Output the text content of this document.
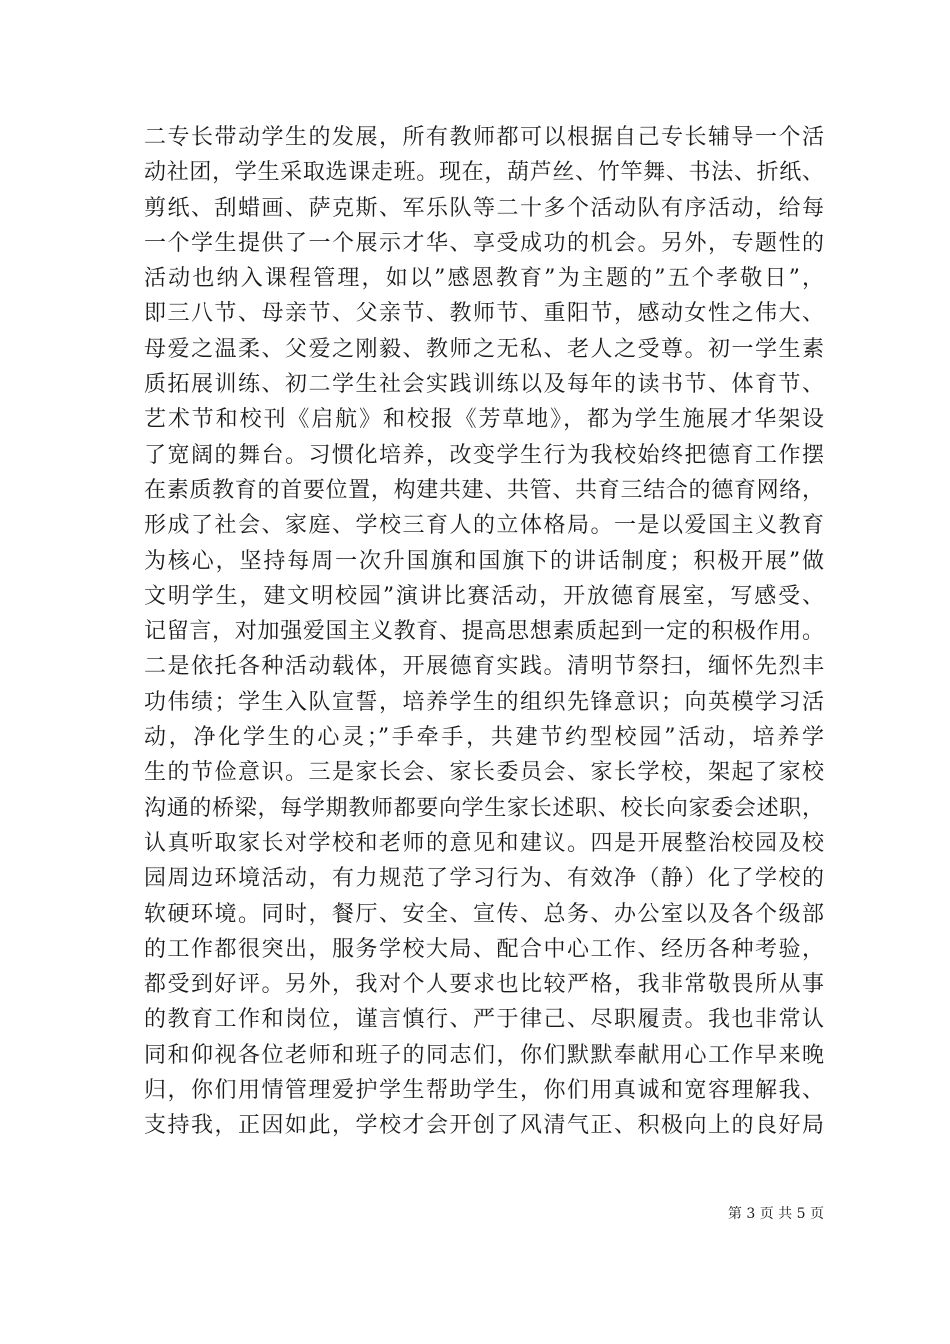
二专长带动学生的发展，所有教师都可以根据自己专长辅导一个活
动社团，学生采取选课走班。现在，葫芦丝、竹竿舞、书法、折纸、
剪纸、刮蜡画、萨克斯、军乐队等二十多个活动队有序活动，给每
一个学生提供了一个展示才华、享受成功的机会。另外，专题性的
活动也纳入课程管理，如以”感恩教育”为主题的”五个孝敬日”，
即三八节、母亲节、父亲节、教师节、重阳节，感动女性之伟大、
母爱之温柔、父爱之刚毅、教师之无私、老人之受尊。初一学生素
质拓展训练、初二学生社会实践训练以及每年的读书节、体育节、
艺术节和校刊《启航》和校报《芳草地》，都为学生施展才华架设
了宽阔的舞台。习惯化培养，改变学生行为我校始终把德育工作摆
在素质教育的首要位置，构建共建、共管、共育三结合的德育网络，
形成了社会、家庭、学校三育人的立体格局。一是以爱国主义教育
为核心，坚持每周一次升国旗和国旗下的讲话制度；积极开展”做
文明学生，建文明校园”演讲比赛活动，开放德育展室，写感受、
记留言，对加强爱国主义教育、提高思想素质起到一定的积极作用。
二是依托各种活动载体，开展德育实践。清明节祭扫，缅怀先烈丰
功伟绩；学生入队宣誓，培养学生的组织先锋意识；向英模学习活
动，净化学生的心灵；”手牵手，共建节约型校园”活动，培养学
生的节俭意识。三是家长会、家长委员会、家长学校，架起了家校
沟通的桥梁，每学期教师都要向学生家长述职、校长向家委会述职，
认真听取家长对学校和老师的意见和建议。四是开展整治校园及校
园周边环境活动，有力规范了学习行为、有效净（静）化了学校的
软硬环境。同时，餐厅、安全、宣传、总务、办公室以及各个级部
的工作都很突出，服务学校大局、配合中心工作、经历各种考验，
都受到好评。另外，我对个人要求也比较严格，我非常敬畏所从事
的教育工作和岗位，谨言慎行、严于律己、尽职履责。我也非常认
同和仰视各位老师和班子的同志们，你们默默奉献用心工作早来晚
归，你们用情管理爱护学生帮助学生，你们用真诚和宽容理解我、
支持我，正因如此，学校才会开创了风清气正、积极向上的良好局
第 3 页 共 5 页
